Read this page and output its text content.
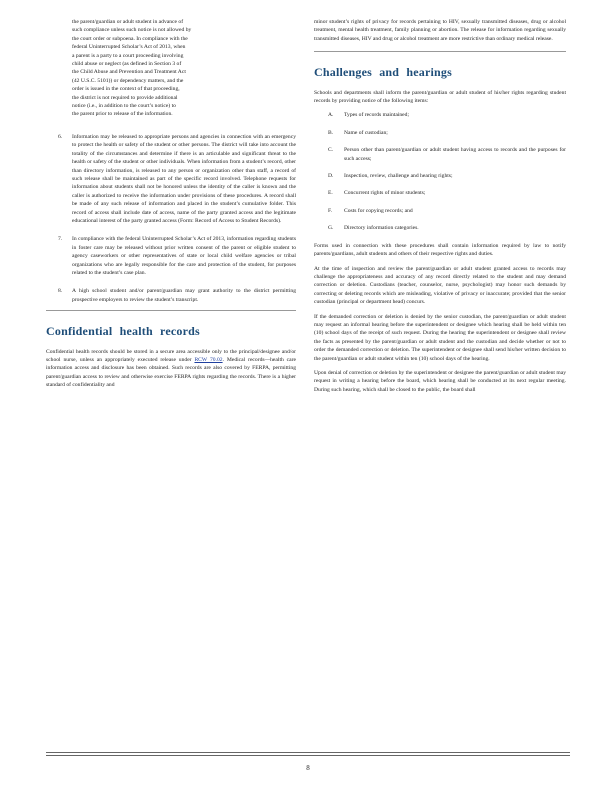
the parent/guardian or adult student in advance of
such compliance unless such notice is not allowed by
the court order or subpoena. In compliance with the
federal Uninterrupted Scholar’s Act of 2013, when
a parent is a party to a court proceeding involving
child abuse or neglect (as defined in Section 3 of
the Child Abuse and Prevention and Treatment Act
(42 U.S.C. 5101)) or dependency matters, and the
order is issued in the context of that proceeding,
the district is not required to provide additional
notice (i.e., in addition to the court’s notice) to
the parent prior to release of the information.
6. Information may be released to appropriate persons and agencies in connection with an emergency to protect the health or safety of the student or other persons. The district will take into account the totality of the circumstances and determine if there is an articulable and significant threat to the health or safety of the student or other individuals. When information from a student’s record, other than directory information, is released to any person or organization other than staff, a record of such release shall be maintained as part of the specific record involved. Telephone requests for information about students shall not be honored unless the identity of the caller is known and the caller is authorized to receive the information under provisions of these procedures. A record shall be made of any such release of information and placed in the student’s cumulative folder. This record of access shall include date of access, name of the party granted access and the legitimate educational interest of the party granted access (Form: Record of Access to Student Records).

7. In compliance with the federal Uninterrupted Scholar’s Act of 2013, information regarding students in foster care may be released without prior written consent of the parent or eligible student to agency caseworkers or other representatives of state or local child welfare agencies or tribal organizations who are legally responsible for the care and protection of the student, for purposes related to the student’s case plan.

8. A high school student and/or parent/guardian may grant authority to the district permitting prospective employers to review the student’s transcript.

Confidential health records

Confidential health records should be stored in a secure area accessible only to the principal/designee and/or school nurse, unless an appropriately executed release under RCW 70.02. Medical records—health care information access and disclosure has been obtained. Such records are also covered by FERPA, permitting parent/guardian access to review and otherwise exercise FERPA rights regarding the records. There is a higher standard of confidentiality and

minor student’s rights of privacy for records pertaining to HIV, sexually transmitted diseases, drug or alcohol treatment, mental health treatment, family planning or abortion. The release for information regarding sexually transmitted diseases, HIV and drug or alcohol treatment are more restrictive than ordinary medical release.

Challenges and hearings

Schools and departments shall inform the parent/guardian or adult student of his/her rights regarding student records by providing notice of the following items:

A. Types of records maintained;
B. Name of custodian;
C. Person other than parent/guardian or adult student having access to records and the purposes for such access;
D. Inspection, review, challenge and hearing rights;
E. Concurrent rights of minor students;
F. Costs for copying records; and
G. Directory information categories.

Forms used in connection with these procedures shall contain information required by law to notify parents/guardians, adult students and others of their respective rights and duties.

At the time of inspection and review the parent/guardian or adult student granted access to records may challenge the appropriateness and accuracy of any record directly related to the student and may demand correction or deletion. Custodians (teacher, counselor, nurse, psychologist) may honor such demands by correcting or deleting records which are misleading, violative of privacy or inaccurate; provided that the senior custodian (principal or department head) concurs.

If the demanded correction or deletion is denied by the senior custodian, the parent/guardian or adult student may request an informal hearing before the superintendent or designee which hearing shall be held within ten (10) school days of the receipt of such request. During the hearing the superintendent or designee shall review the facts as presented by the parent/guardian or adult student and the custodian and decide whether or not to order the demanded correction or deletion. The superintendent or designee shall send his/her written decision to the parent/guardian or adult student within ten (10) school days of the hearing.

Upon denial of correction or deletion by the superintendent or designee the parent/guardian or adult student may request in writing a hearing before the board, which hearing shall be conducted at its next regular meeting. During such hearing, which shall be closed to the public, the board shall

8
